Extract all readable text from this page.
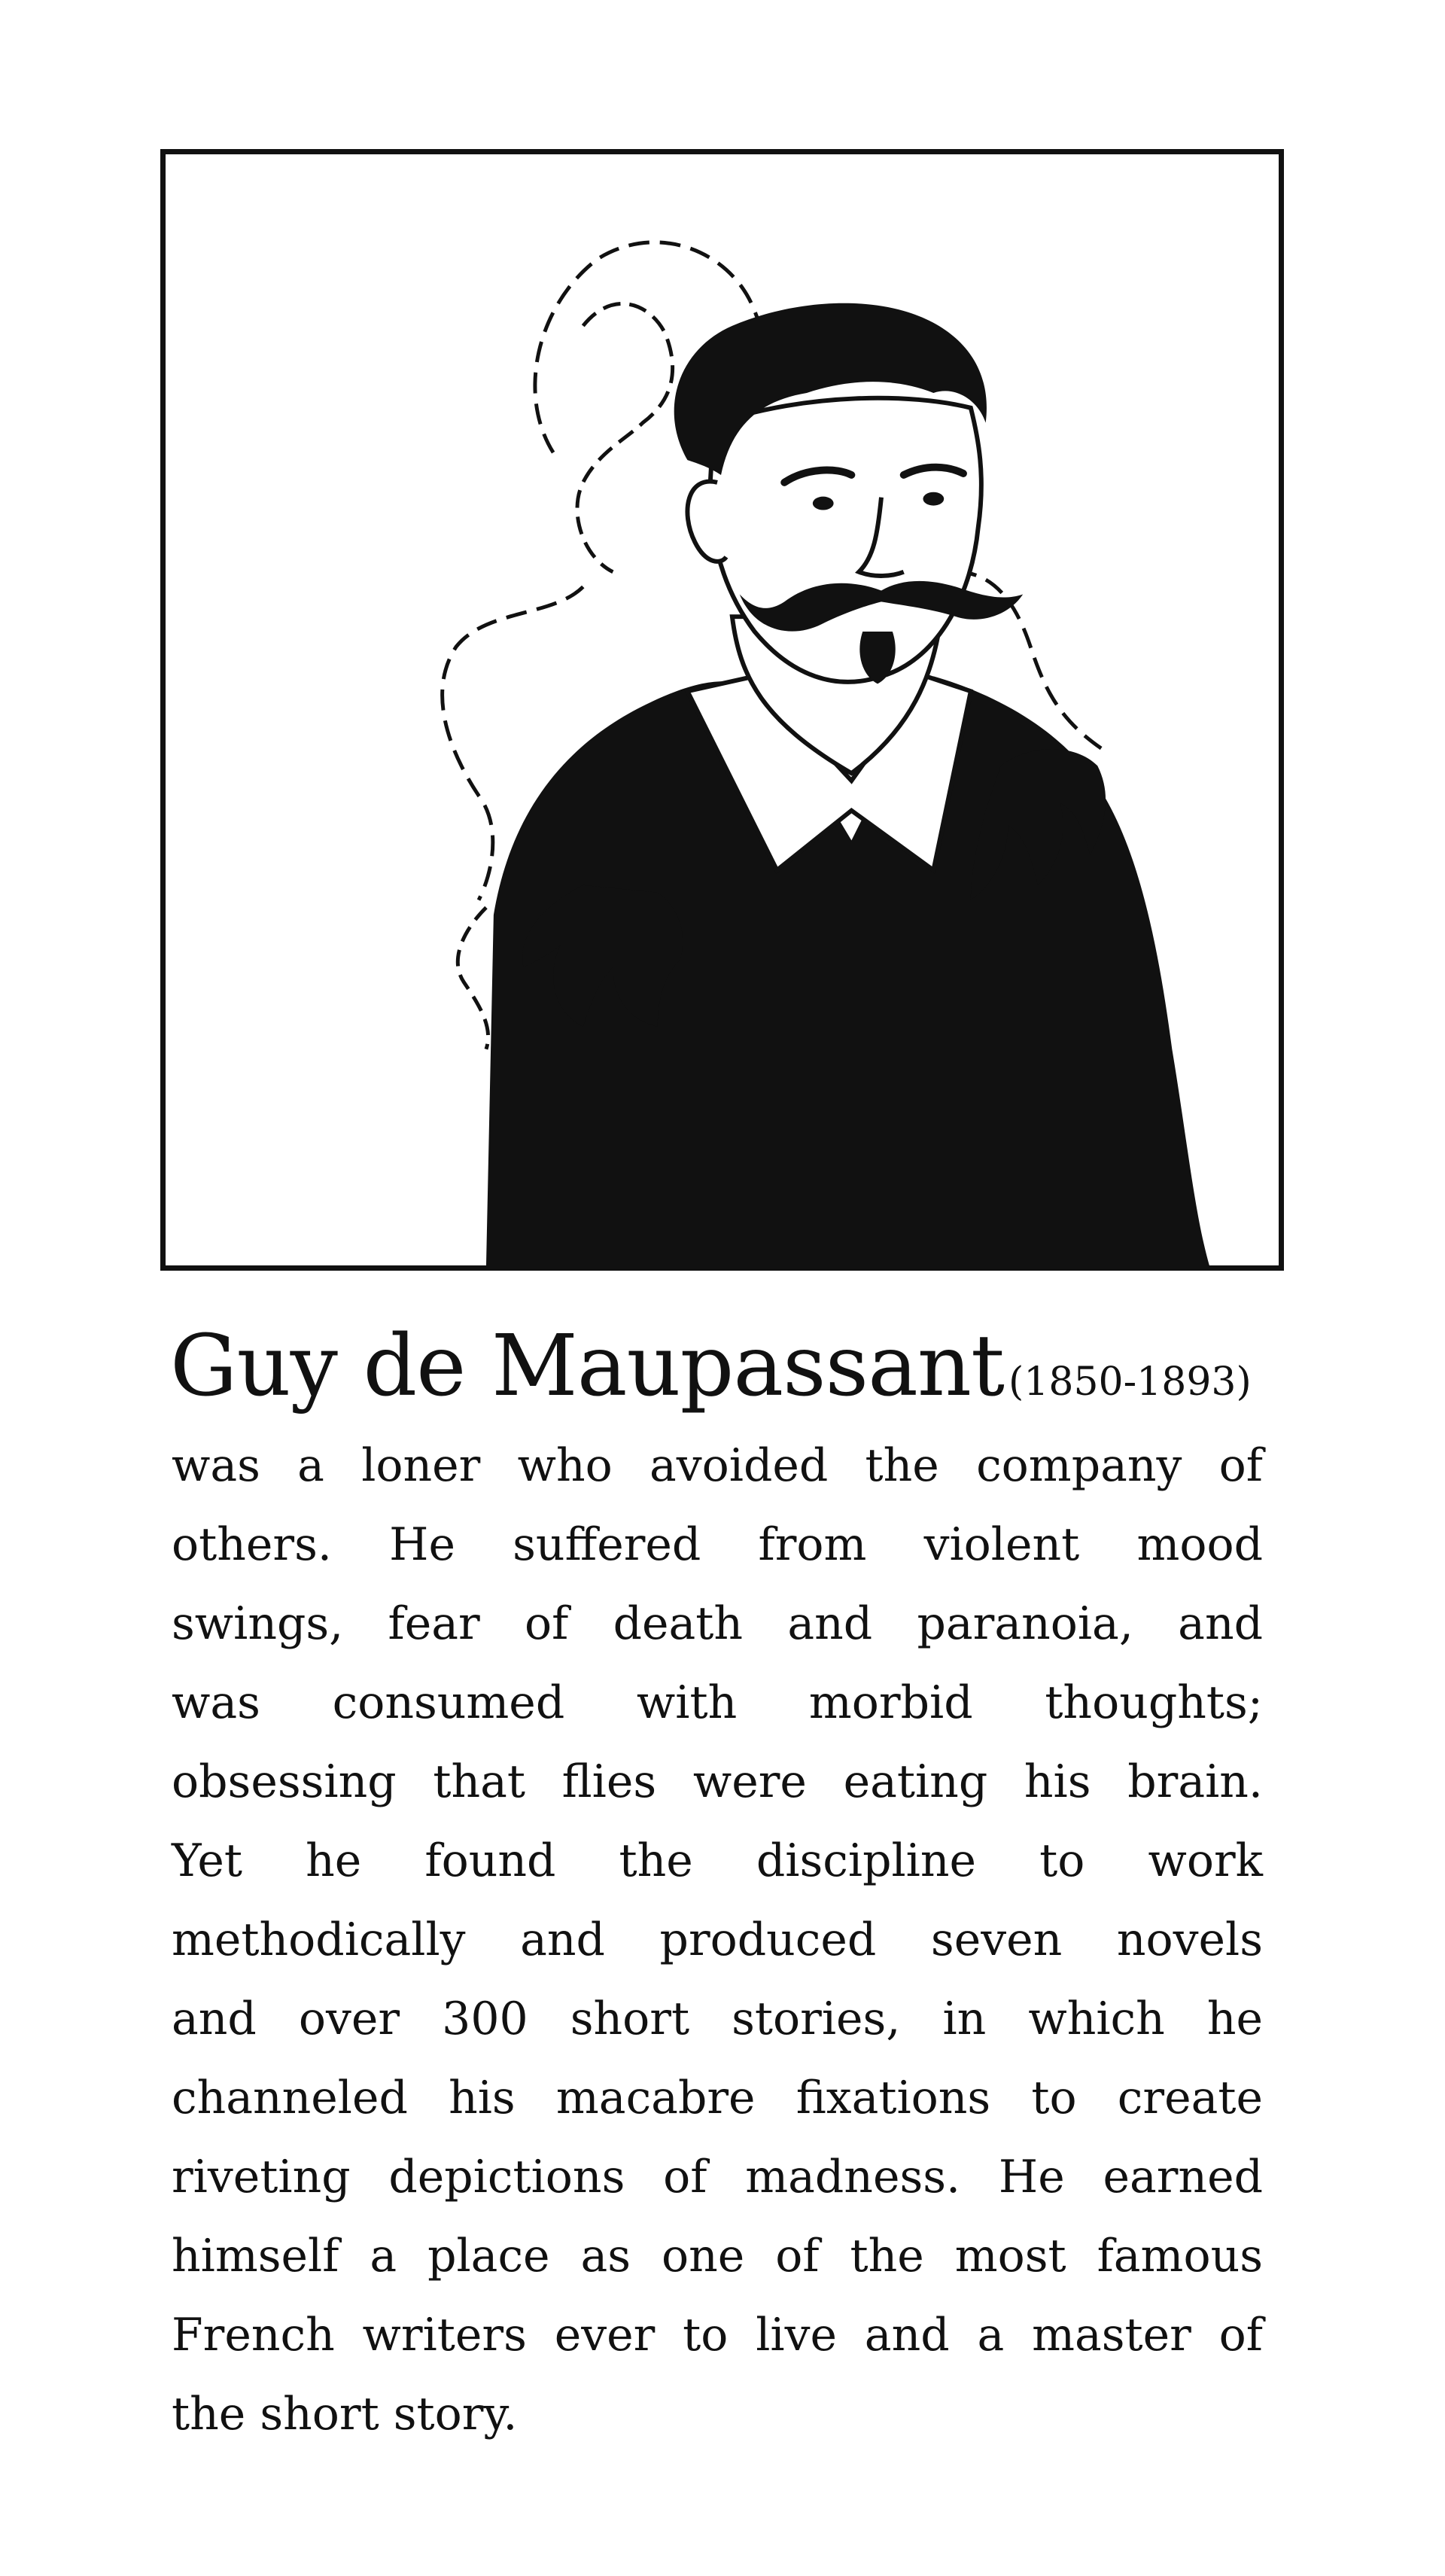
Guy de Maupassant (1850-1893)
was a loner who avoided the company of
others. He suffered from violent mood
swings, fear of death and paranoia, and
was consumed with morbid thoughts;
obsessing that flies were eating his brain.
Yet he found the discipline to work
methodically and produced seven novels
and over 300 short stories, in which he
channeled his macabre fixations to create
riveting depictions of madness. He earned
himself a place as one of the most famous
French writers ever to live and a master of
the short story.
